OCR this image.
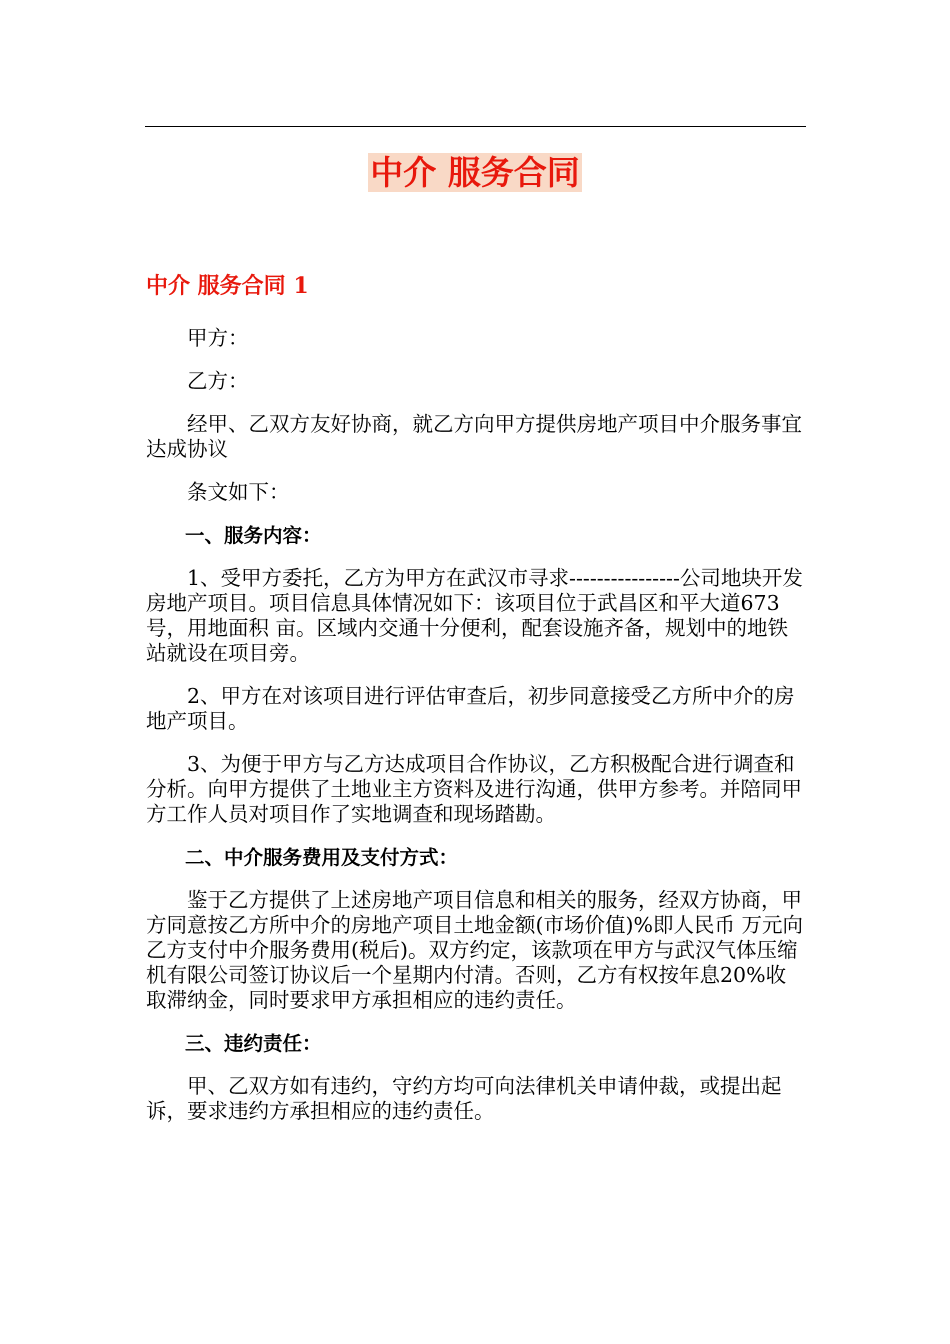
中介 服务合同
中介 服务合同 1

甲方：

乙方：

经甲、乙双方友好协商，就乙方向甲方提供房地产项目中介服务事宜达成协议

条文如下：

一、服务内容：

1、受甲方委托，乙方为甲方在武汉市寻求----------------公司地块开发房地产项目。项目信息具体情况如下：该项目位于武昌区和平大道673号，用地面积 亩。区域内交通十分便利，配套设施齐备，规划中的地铁站就设在项目旁。

2、甲方在对该项目进行评估审查后，初步同意接受乙方所中介的房地产项目。

3、为便于甲方与乙方达成项目合作协议，乙方积极配合进行调查和分析。向甲方提供了土地业主方资料及进行沟通，供甲方参考。并陪同甲方工作人员对项目作了实地调查和现场踏勘。

二、中介服务费用及支付方式：

鉴于乙方提供了上述房地产项目信息和相关的服务，经双方协商，甲方同意按乙方所中介的房地产项目土地金额(市场价值)%即人民币 万元向乙方支付中介服务费用(税后)。双方约定，该款项在甲方与武汉气体压缩机有限公司签订协议后一个星期内付清。否则，乙方有权按年息20%收取滞纳金，同时要求甲方承担相应的违约责任。

三、违约责任：

甲、乙双方如有违约，守约方均可向法律机关申请仲裁，或提出起诉，要求违约方承担相应的违约责任。
